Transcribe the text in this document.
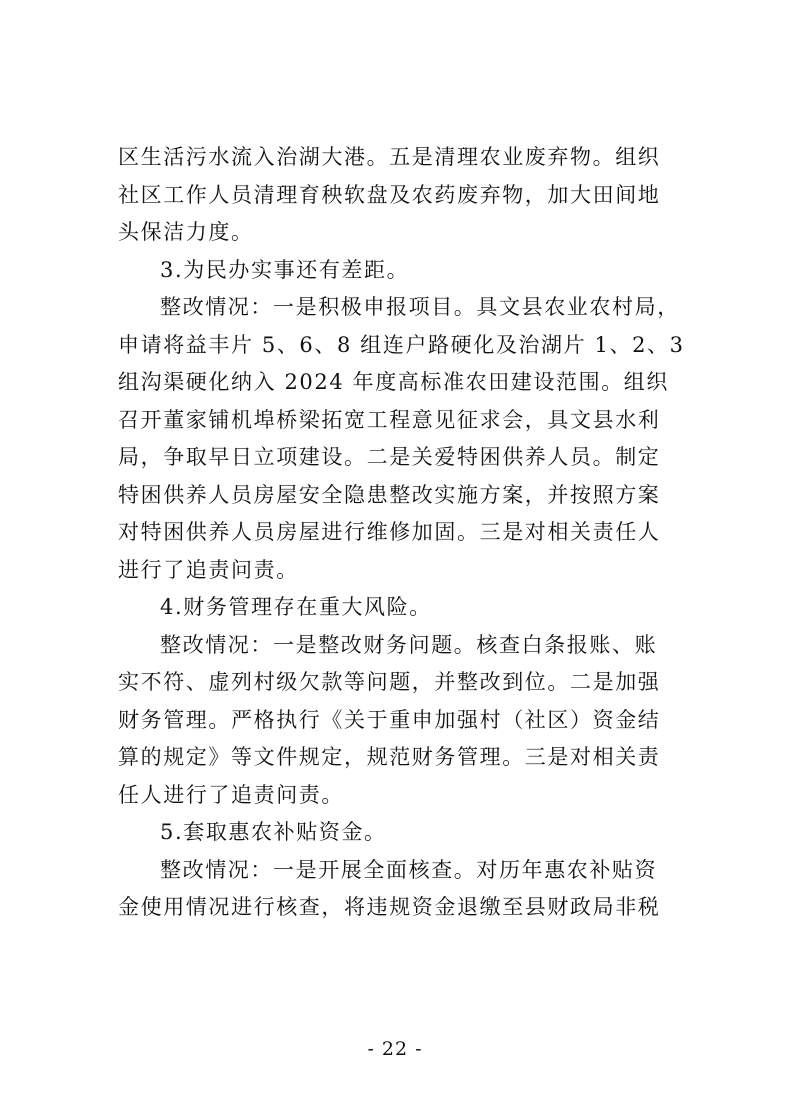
区生活污水流入治湖大港。五是清理农业废弃物。组织
社区工作人员清理育秧软盘及农药废弃物，加大田间地
头保洁力度。
3.为民办实事还有差距。
整改情况：一是积极申报项目。具文县农业农村局，
申请将益丰片 5、6、8 组连户路硬化及治湖片 1、2、3
组沟渠硬化纳入 2024 年度高标准农田建设范围。组织
召开董家铺机埠桥梁拓宽工程意见征求会，具文县水利
局，争取早日立项建设。二是关爱特困供养人员。制定
特困供养人员房屋安全隐患整改实施方案，并按照方案
对特困供养人员房屋进行维修加固。三是对相关责任人
进行了追责问责。
4.财务管理存在重大风险。
整改情况：一是整改财务问题。核查白条报账、账
实不符、虚列村级欠款等问题，并整改到位。二是加强
财务管理。严格执行《关于重申加强村（社区）资金结
算的规定》等文件规定，规范财务管理。三是对相关责
任人进行了追责问责。
5.套取惠农补贴资金。
整改情况：一是开展全面核查。对历年惠农补贴资
金使用情况进行核查，将违规资金退缴至县财政局非税
- 22 -
